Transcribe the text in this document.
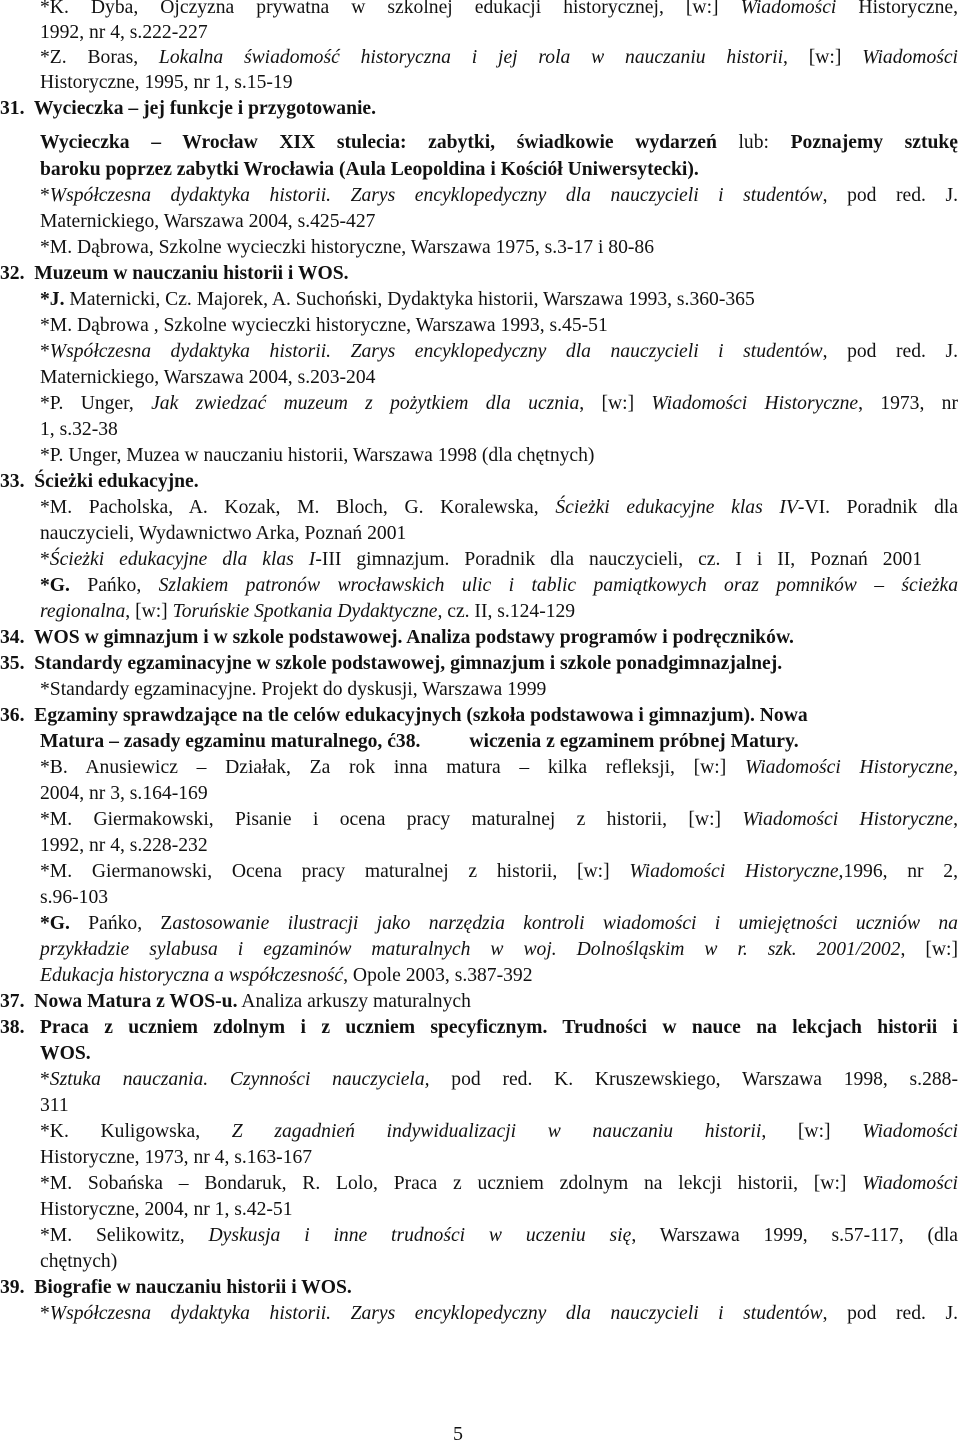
*K. Dyba, Ojczyzna prywatna w szkolnej edukacji historycznej, [w:] Wiadomości Historyczne,
1992, nr 4, s.222-227
*Z. Boras, Lokalna świadomość historyczna i jej rola w nauczaniu historii, [w:] Wiadomości
Historyczne, 1995, nr 1, s.15-19
31.  Wycieczka – jej funkcje i przygotowanie.
Wycieczka – Wrocław XIX stulecia: zabytki, świadkowie wydarzeń lub: Poznajemy sztukę
baroku poprzez zabytki Wrocławia (Aula Leopoldina i Kościół Uniwersytecki).
*Współczesna dydaktyka historii. Zarys encyklopedyczny dla nauczycieli i studentów, pod red. J.
Maternickiego, Warszawa 2004, s.425-427
*M. Dąbrowa, Szkolne wycieczki historyczne, Warszawa 1975, s.3-17 i 80-86
32.  Muzeum w nauczaniu historii i WOS.
*J. Maternicki, Cz. Majorek, A. Suchoński, Dydaktyka historii, Warszawa 1993, s.360-365
*M. Dąbrowa , Szkolne wycieczki historyczne, Warszawa 1993, s.45-51
*Współczesna dydaktyka historii. Zarys encyklopedyczny dla nauczycieli i studentów, pod red. J.
Maternickiego, Warszawa 2004, s.203-204
*P. Unger, Jak zwiedzać muzeum z pożytkiem dla ucznia, [w:] Wiadomości Historyczne, 1973, nr
1, s.32-38
*P. Unger, Muzea w nauczaniu historii, Warszawa 1998 (dla chętnych)
33.  Ścieżki edukacyjne.
*M. Pacholska, A. Kozak, M. Bloch, G. Koralewska, Ścieżki edukacyjne klas IV-VI. Poradnik dla
nauczycieli, Wydawnictwo Arka, Poznań 2001
*Ścieżki edukacyjne dla klas I-III gimnazjum. Poradnik dla nauczycieli, cz. I i II, Poznań 2001
*G. Pańko, Szlakiem patronów wrocławskich ulic i tablic pamiątkowych oraz pomników – ścieżka
regionalna, [w:] Toruńskie Spotkania Dydaktyczne, cz. II, s.124-129
34.  WOS w gimnazjum i w szkole podstawowej. Analiza podstawy programów i podręczników.
35.  Standardy egzaminacyjne w szkole podstawowej, gimnazjum i szkole ponadgimnazjalnej.
*Standardy egzaminacyjne. Projekt do dyskusji, Warszawa 1999
36.  Egzaminy sprawdzające na tle celów edukacyjnych (szkoła podstawowa i gimnazjum). Nowa
Matura – zasady egzaminu maturalnego, ć38.          wiczenia z egzaminem próbnej Matury.
*B. Anusiewicz – Działak, Za rok inna matura – kilka refleksji, [w:] Wiadomości Historyczne,
2004, nr 3, s.164-169
*M. Giermakowski, Pisanie i ocena pracy maturalnej z historii, [w:] Wiadomości Historyczne,
1992, nr 4, s.228-232
*M. Giermanowski, Ocena pracy maturalnej z historii, [w:] Wiadomości Historyczne,1996, nr 2,
s.96-103
*G. Pańko, Zastosowanie ilustracji jako narzędzia kontroli wiadomości i umiejętności uczniów na
przykładzie sylabusa i egzaminów maturalnych w woj. Dolnośląskim w r. szk. 2001/2002, [w:]
Edukacja historyczna a współczesność, Opole 2003, s.387-392
37.  Nowa Matura z WOS-u. Analiza arkuszy maturalnych
38. Praca z uczniem zdolnym i z uczniem specyficznym. Trudności w nauce na lekcjach historii i
WOS.
*Sztuka nauczania. Czynności nauczyciela, pod red. K. Kruszewskiego, Warszawa 1998, s.288-
311
*K. Kuligowska, Z zagadnień indywidualizacji w nauczaniu historii, [w:] Wiadomości
Historyczne, 1973, nr 4, s.163-167
*M. Sobańska – Bondaruk, R. Lolo, Praca z uczniem zdolnym na lekcji historii, [w:] Wiadomości
Historyczne, 2004, nr 1, s.42-51
*M. Selikowitz, Dyskusja i inne trudności w uczeniu się, Warszawa 1999, s.57-117, (dla
chętnych)
39.  Biografie w nauczaniu historii i WOS.
*Współczesna dydaktyka historii. Zarys encyklopedyczny dla nauczycieli i studentów, pod red. J.
5
